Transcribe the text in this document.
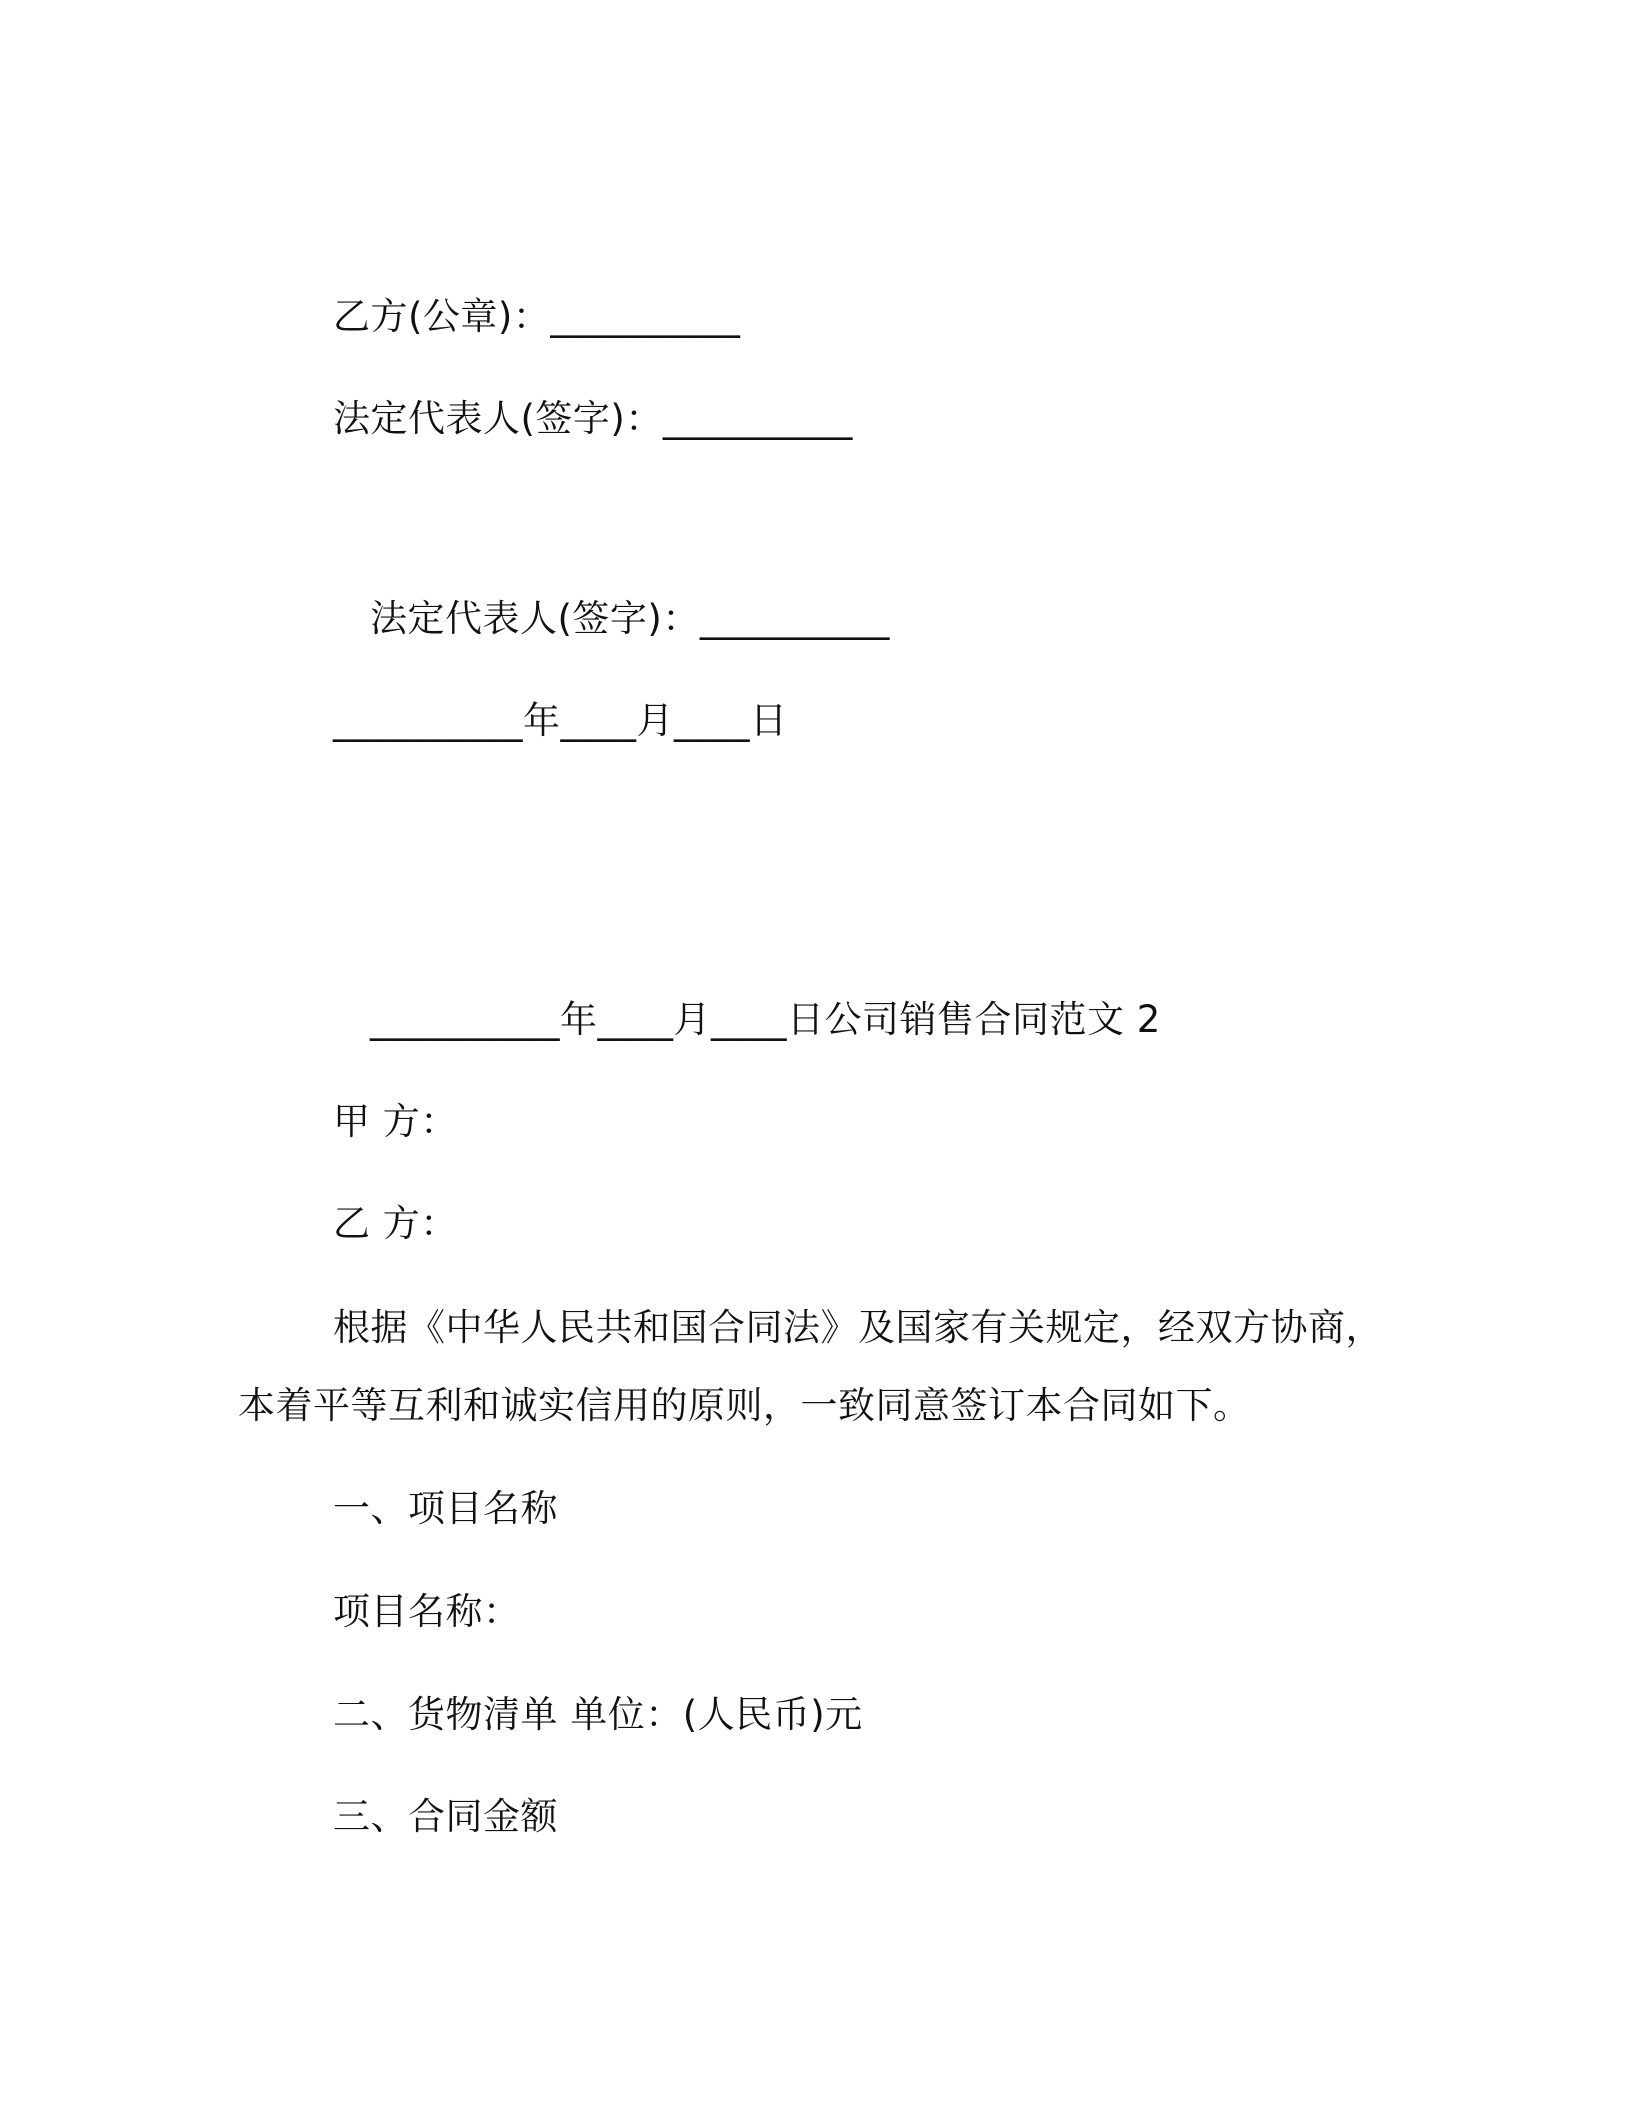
乙方(公章)：__________
法定代表人(签字)：__________
法定代表人(签字)：__________
__________年____月____日
__________年____月____日公司销售合同范文 2
甲 方：
乙 方：
根据《中华人民共和国合同法》及国家有关规定，经双方协商，
本着平等互利和诚实信用的原则，一致同意签订本合同如下。
一、项目名称
项目名称：
二、货物清单 单位：(人民币)元
三、合同金额
